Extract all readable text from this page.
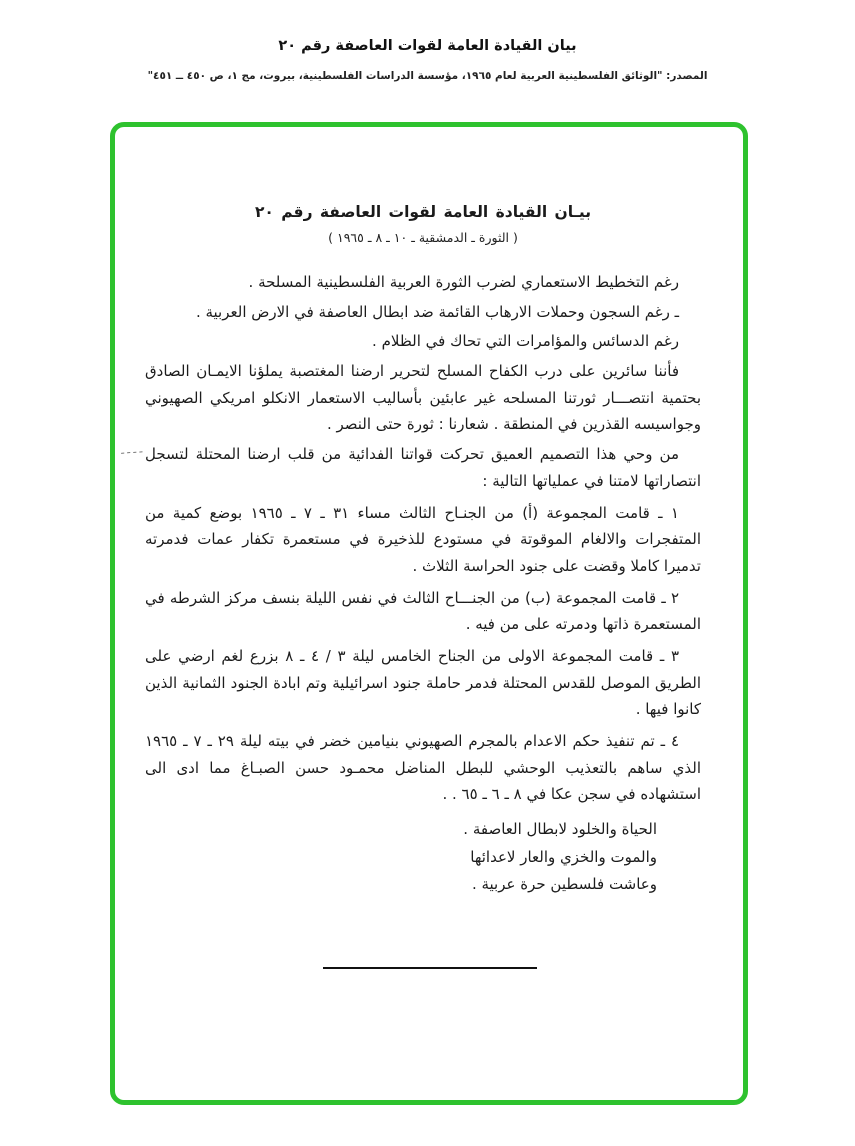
بيان القيادة العامة لقوات العاصفة رقم ٢٠
المصدر: "الوثائق الفلسطينية العربية لعام ١٩٦٥، مؤسسة الدراسات الفلسطينية، بيروت، مج ١، ص ٤٥٠ ــ ٤٥١"
ـ ـ ـ ـ
بيـان القيادة العامة لقوات العاصفة رقم ٢٠
( الثورة ـ الدمشقية ـ ١٠ ـ ٨ ـ ١٩٦٥ )

رغم التخطيط الاستعماري لضرب الثورة العربية الفلسطينية المسلحة .

ـ رغم السجون وحملات الارهاب القائمة ضد ابطال العاصفة في الارض العربية .

رغم الدسائس والمؤامرات التي تحاك في الظلام .

فأننا سائرين على درب الكفاح المسلح لتحرير ارضنا المغتصبة يملؤنا الايمـان الصادق بحتمية انتصـــار ثورتنا المسلحه غير عابئين بأساليب الاستعمار الانكلو امريكي الصهيوني وجواسيسه القذرين في المنطقة . شعارنا : ثورة حتى النصر .

من وحي هذا التصميم العميق تحركت قواتنا الفدائية من قلب ارضنا المحتلة لتسجل انتصاراتها لامتنا في عملياتها التالية :

١ ـ قامت المجموعة (أ) من الجنـاح الثالث مساء ٣١ ـ ٧ ـ ١٩٦٥ بوضع كمية من المتفجرات والالغام الموقوتة في مستودع للذخيرة في مستعمرة تكفار عمات فدمرته تدميرا كاملا وقضت على جنود الحراسة الثلاث .

٢ ـ قامت المجموعة (ب) من الجنـــاح الثالث في نفس الليلة بنسف مركز الشرطه في المستعمرة ذاتها ودمرته على من فيه .

٣ ـ قامت المجموعة الاولى من الجناح الخامس ليلة ٣ / ٤ ـ ٨ بزرع لغم ارضي على الطريق الموصل للقدس المحتلة فدمر حاملة جنود اسرائيلية وتم ابادة الجنود الثمانية الذين كانوا فيها .

٤ ـ تم تنفيذ حكم الاعدام بالمجرم الصهيوني بنيامين خضر في بيته ليلة ٢٩ ـ ٧ ـ ١٩٦٥ الذي ساهم بالتعذيب الوحشي للبطل المناضل محمـود حسن الصبـاغ مما ادى الى استشهاده في سجن عكا في ٨ ـ ٦ ـ ٦٥ . .

الحياة والخلود لابطال العاصفة .

والموت والخزي والعار لاعدائها

وعاشت فلسطين حرة عربية .
